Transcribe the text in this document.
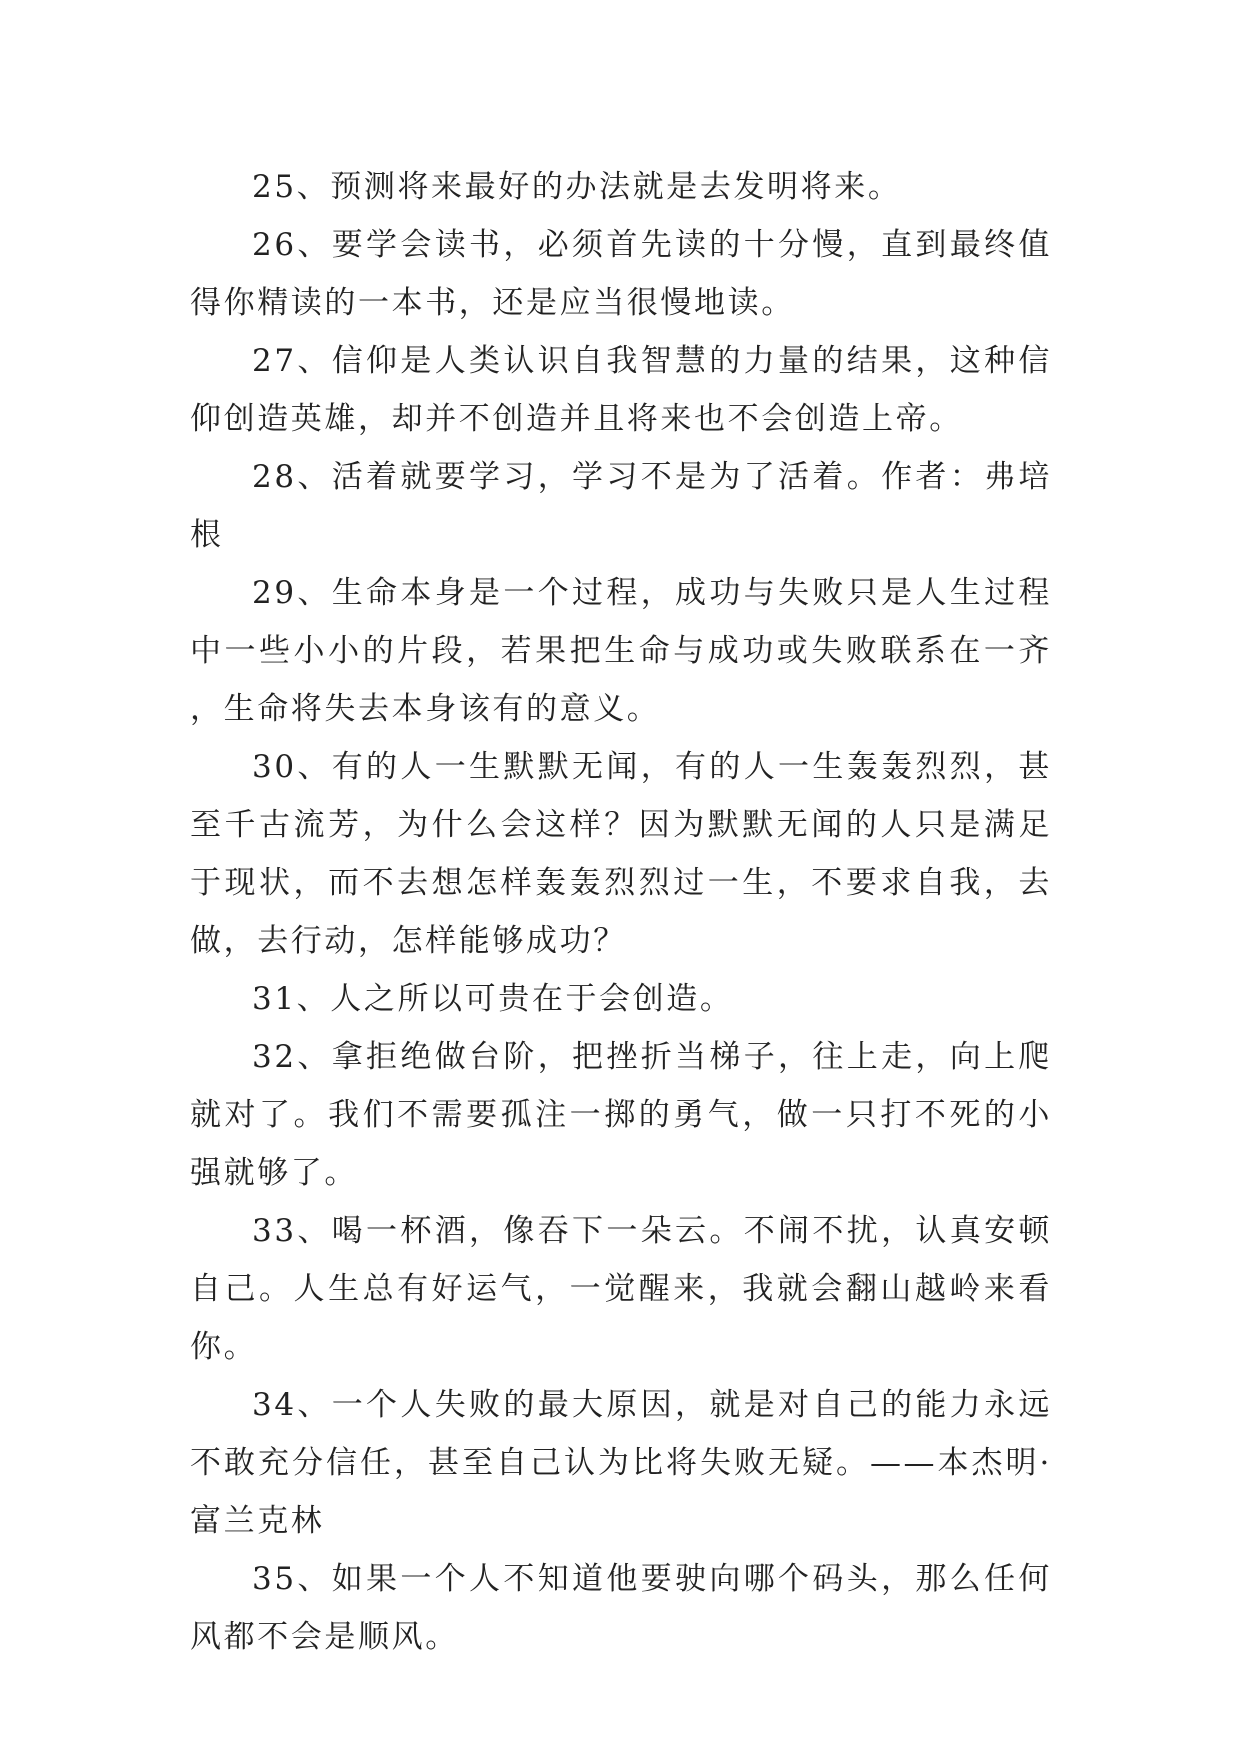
25、预测将来最好的办法就是去发明将来。

26、要学会读书，必须首先读的十分慢，直到最终值得你精读的一本书，还是应当很慢地读。

27、信仰是人类认识自我智慧的力量的结果，这种信仰创造英雄，却并不创造并且将来也不会创造上帝。

28、活着就要学习，学习不是为了活着。作者：弗培根

29、生命本身是一个过程，成功与失败只是人生过程中一些小小的片段，若果把生命与成功或失败联系在一齐，生命将失去本身该有的意义。

30、有的人一生默默无闻，有的人一生轰轰烈烈，甚至千古流芳，为什么会这样？因为默默无闻的人只是满足于现状，而不去想怎样轰轰烈烈过一生，不要求自我，去做，去行动，怎样能够成功？

31、人之所以可贵在于会创造。

32、拿拒绝做台阶，把挫折当梯子，往上走，向上爬就对了。我们不需要孤注一掷的勇气，做一只打不死的小强就够了。

33、喝一杯酒，像吞下一朵云。不闹不扰，认真安顿自己。人生总有好运气，一觉醒来，我就会翻山越岭来看你。

34、一个人失败的最大原因，就是对自己的能力永远不敢充分信任，甚至自己认为比将失败无疑。——本杰明·富兰克林

35、如果一个人不知道他要驶向哪个码头，那么任何风都不会是顺风。
